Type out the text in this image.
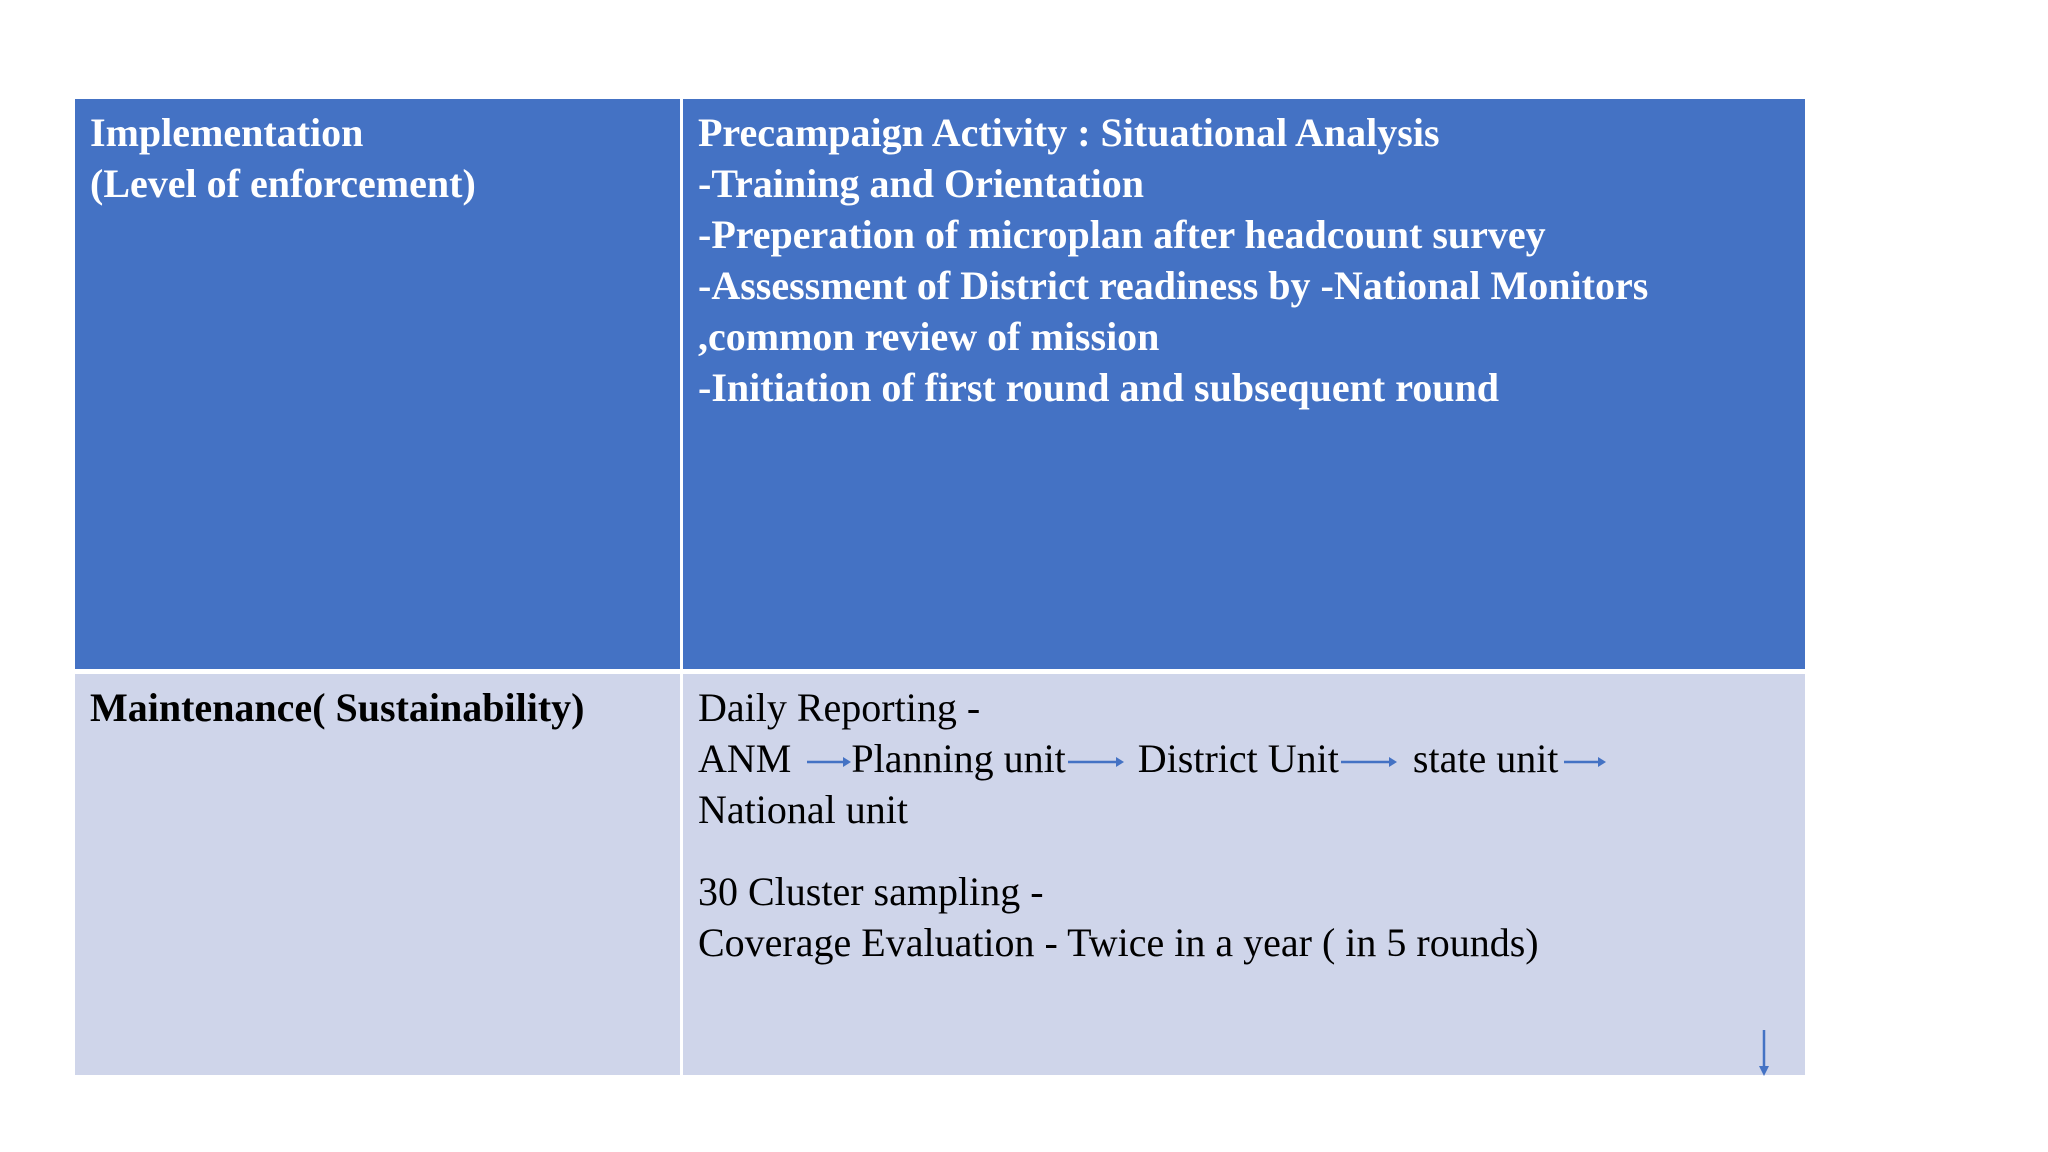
Implementation
(Level of enforcement)
Precampaign Activity : Situational Analysis
-Training and Orientation
-Preperation of microplan after headcount survey
-Assessment of District readiness by -National Monitors
,common review of mission
-Initiation of first round and subsequent round
Maintenance( Sustainability)	Daily Reporting -
ANM Planning unit District Unit state unit
National unit
30 Cluster sampling -
Coverage Evaluation - Twice in a year ( in 5 rounds)
